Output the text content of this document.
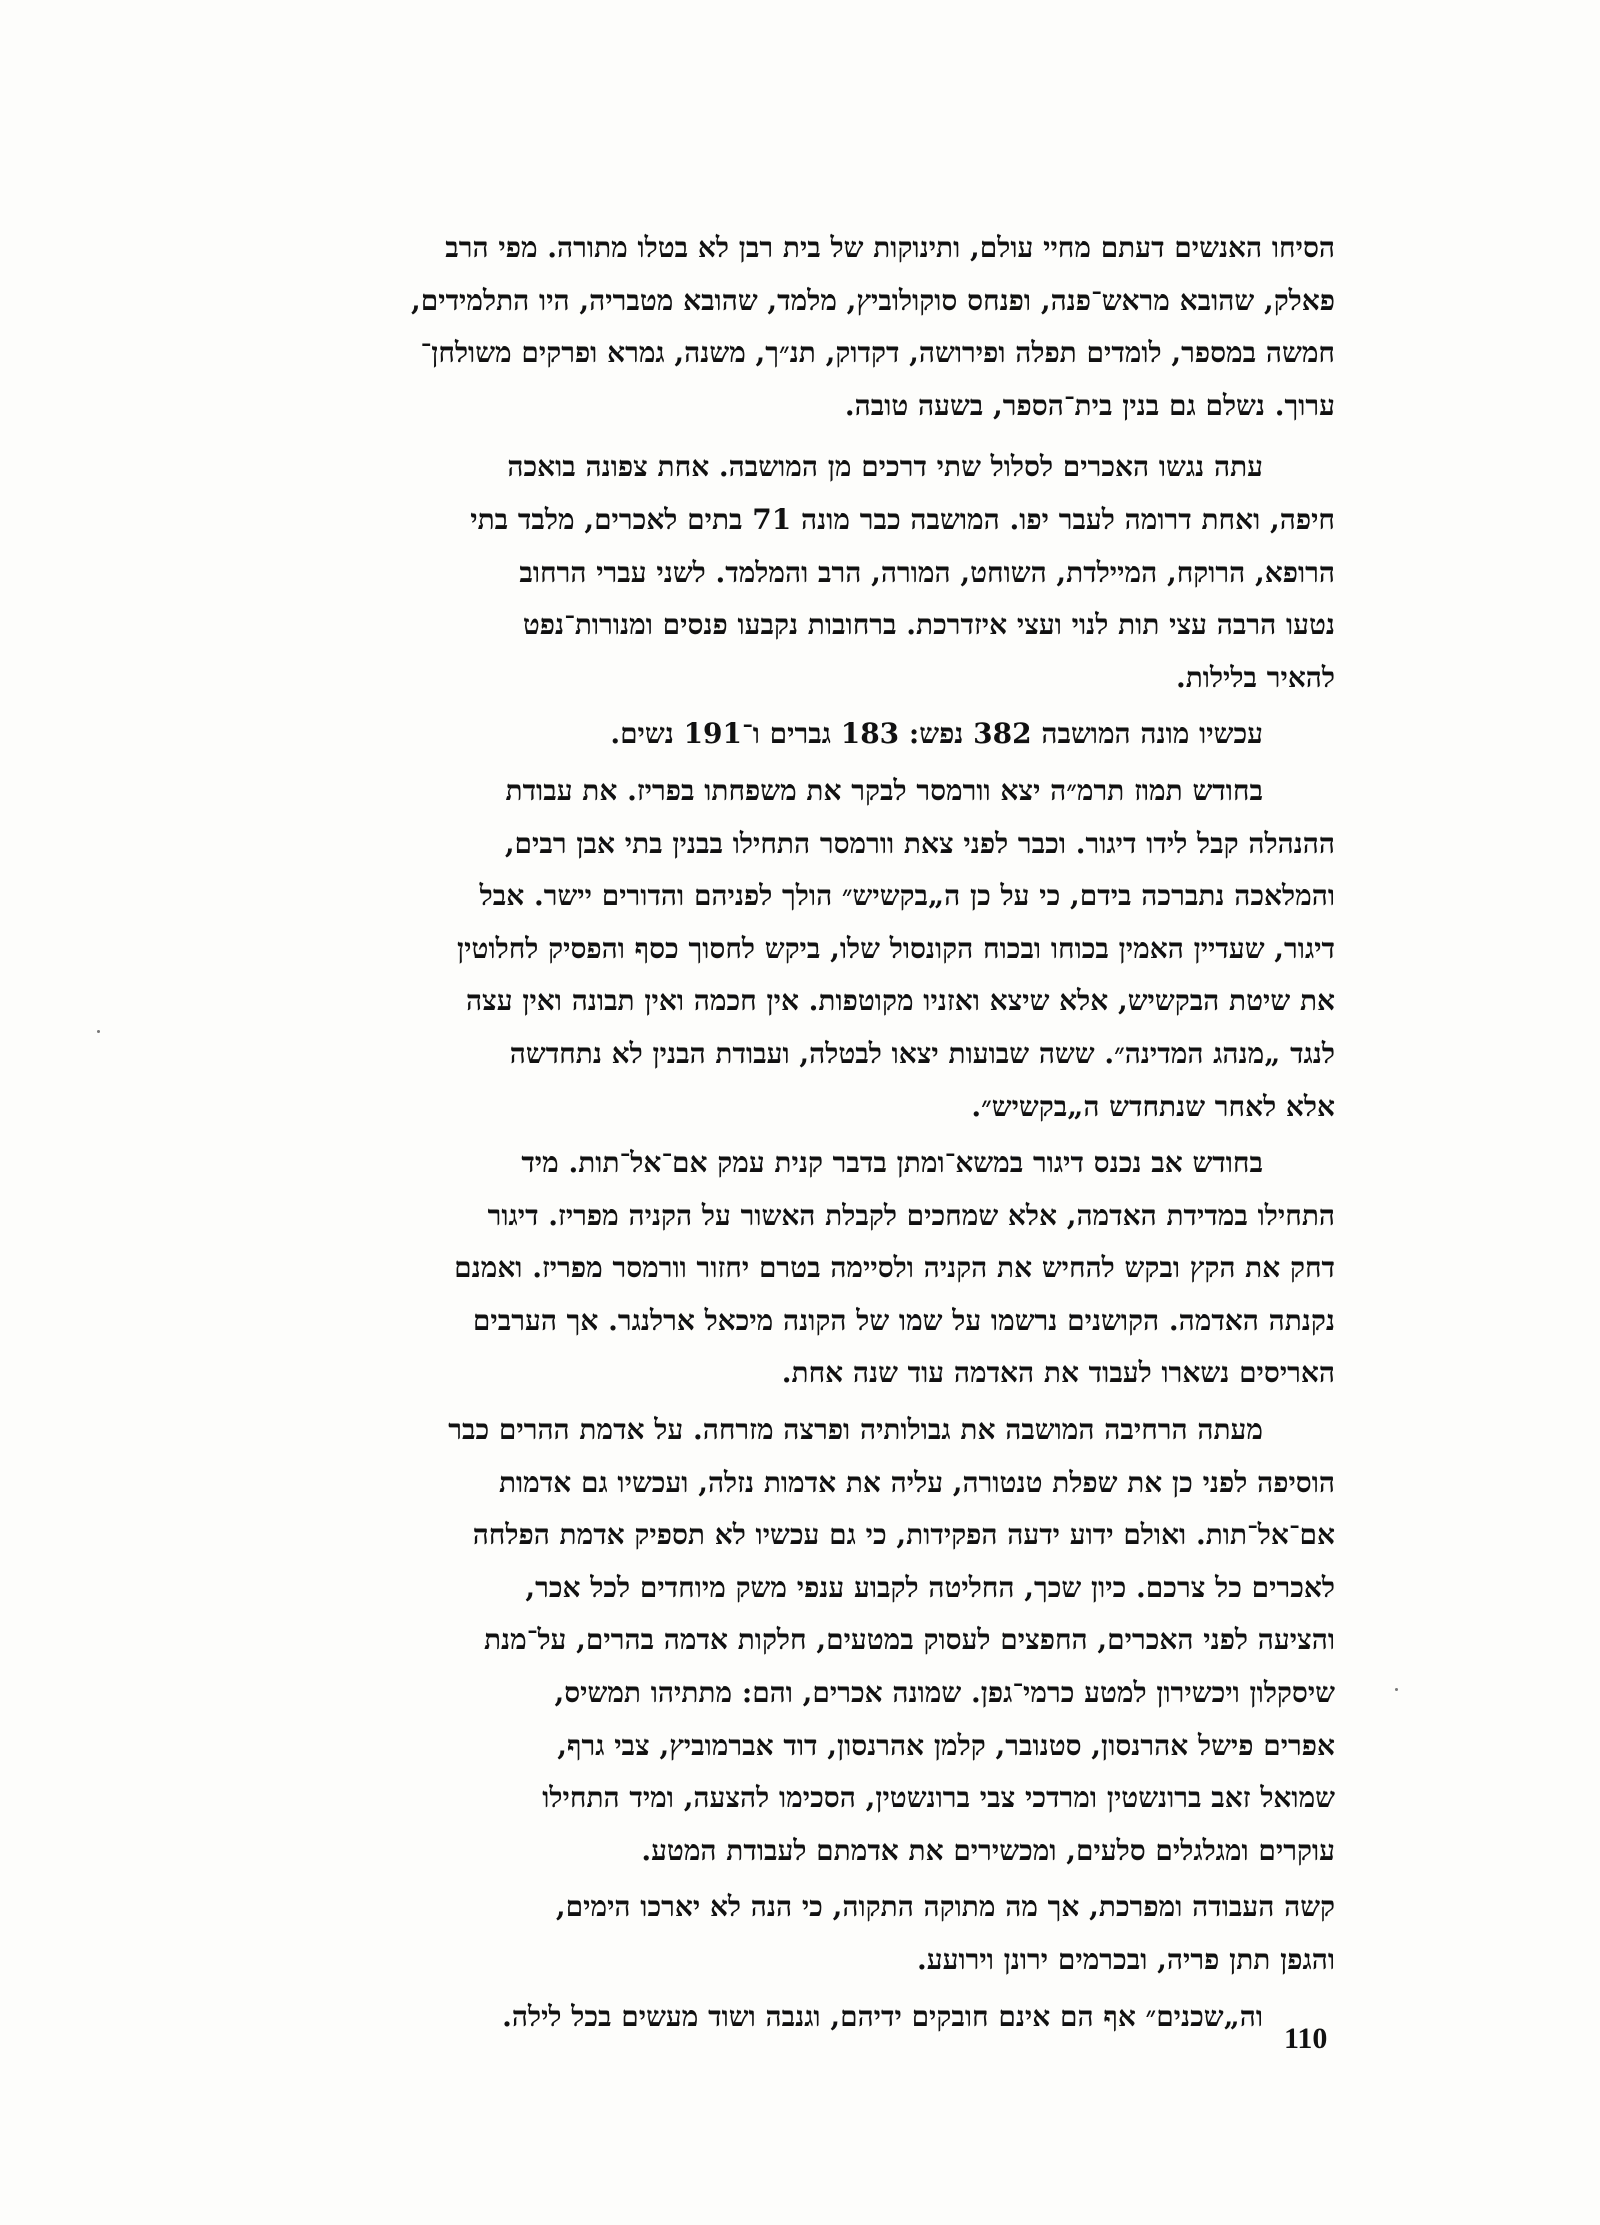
הסיחו האנשים דעתם מחיי עולם, ותינוקות של בית רבן לא בטלו מתורה. מפי הרב
פאלק, שהובא מראש־פנה, ופנחס סוקולוביץ, מלמד, שהובא מטבריה, היו התלמידים,
חמשה במספר, לומדים תפלה ופירושה, דקדוק, תנ״ך, משנה, גמרא ופרקים משולחן־
ערוך. נשלם גם בנין בית־הספר, בשעה טובה.
עתה נגשו האכרים לסלול שתי דרכים מן המושבה. אחת צפונה בואכה
חיפה, ואחת דרומה לעבר יפו. המושבה כבר מונה 71 בתים לאכרים, מלבד בתי
הרופא, הרוקח, המיילדת, השוחט, המורה, הרב והמלמד. לשני עברי הרחוב
נטעו הרבה עצי תות לנוי ועצי איזדרכת. ברחובות נקבעו פנסים ומנורות־נפט
להאיר בלילות.
עכשיו מונה המושבה 382 נפש: 183 גברים ו־191 נשים.
בחודש תמוז תרמ״ה יצא וורמסר לבקר את משפחתו בפריז. את עבודת
ההנהלה קבל לידו דיגור. וכבר לפני צאת וורמסר התחילו בבנין בתי אבן רבים,
והמלאכה נתברכה בידם, כי על כן ה„בקשיש״ הולך לפניהם והדורים יישר. אבל
דיגור, שעדיין האמין בכוחו ובכוח הקונסול שלו, ביקש לחסוך כסף והפסיק לחלוטין
את שיטת הבקשיש, אלא שיצא ואזניו מקוטפות. אין חכמה ואין תבונה ואין עצה
לנגד „מנהג המדינה״. ששה שבועות יצאו לבטלה, ועבודת הבנין לא נתחדשה
אלא לאחר שנתחדש ה„בקשיש״.
בחודש אב נכנס דיגור במשא־ומתן בדבר קנית עמק אם־אל־תות. מיד
התחילו במדידת האדמה, אלא שמחכים לקבלת האשור על הקניה מפריז. דיגור
דחק את הקץ ובקש להחיש את הקניה ולסיימה בטרם יחזור וורמסר מפריז. ואמנם
נקנתה האדמה. הקושנים נרשמו על שמו של הקונה מיכאל ארלנגר. אך הערבים
האריסים נשארו לעבוד את האדמה עוד שנה אחת.
מעתה הרחיבה המושבה את גבולותיה ופרצה מזרחה. על אדמת ההרים כבר
הוסיפה לפני כן את שפלת טנטורה, עליה את אדמות נזלה, ועכשיו גם אדמות
אם־אל־תות. ואולם ידוע ידעה הפקידות, כי גם עכשיו לא תספיק אדמת הפלחה
לאכרים כל צרכם. כיון שכך, החליטה לקבוע ענפי משק מיוחדים לכל אכר,
והציעה לפני האכרים, החפצים לעסוק במטעים, חלקות אדמה בהרים, על־מנת
שיסקלון ויכשירון למטע כרמי־גפן. שמונה אכרים, והם: מתתיהו תמשיס,
אפרים פישל אהרנסון, סטנובר, קלמן אהרנסון, דוד אברמוביץ, צבי גרף,
שמואל זאב ברונשטין ומרדכי צבי ברונשטין, הסכימו להצעה, ומיד התחילו
עוקרים ומגלגלים סלעים, ומכשירים את אדמתם לעבודת המטע.
קשה העבודה ומפרכת, אך מה מתוקה התקוה, כי הנה לא יארכו הימים,
והגפן תתן פריה, ובכרמים ירונן וירועע.
וה„שכנים״ אף הם אינם חובקים ידיהם, וגנבה ושוד מעשים בכל לילה.
110
